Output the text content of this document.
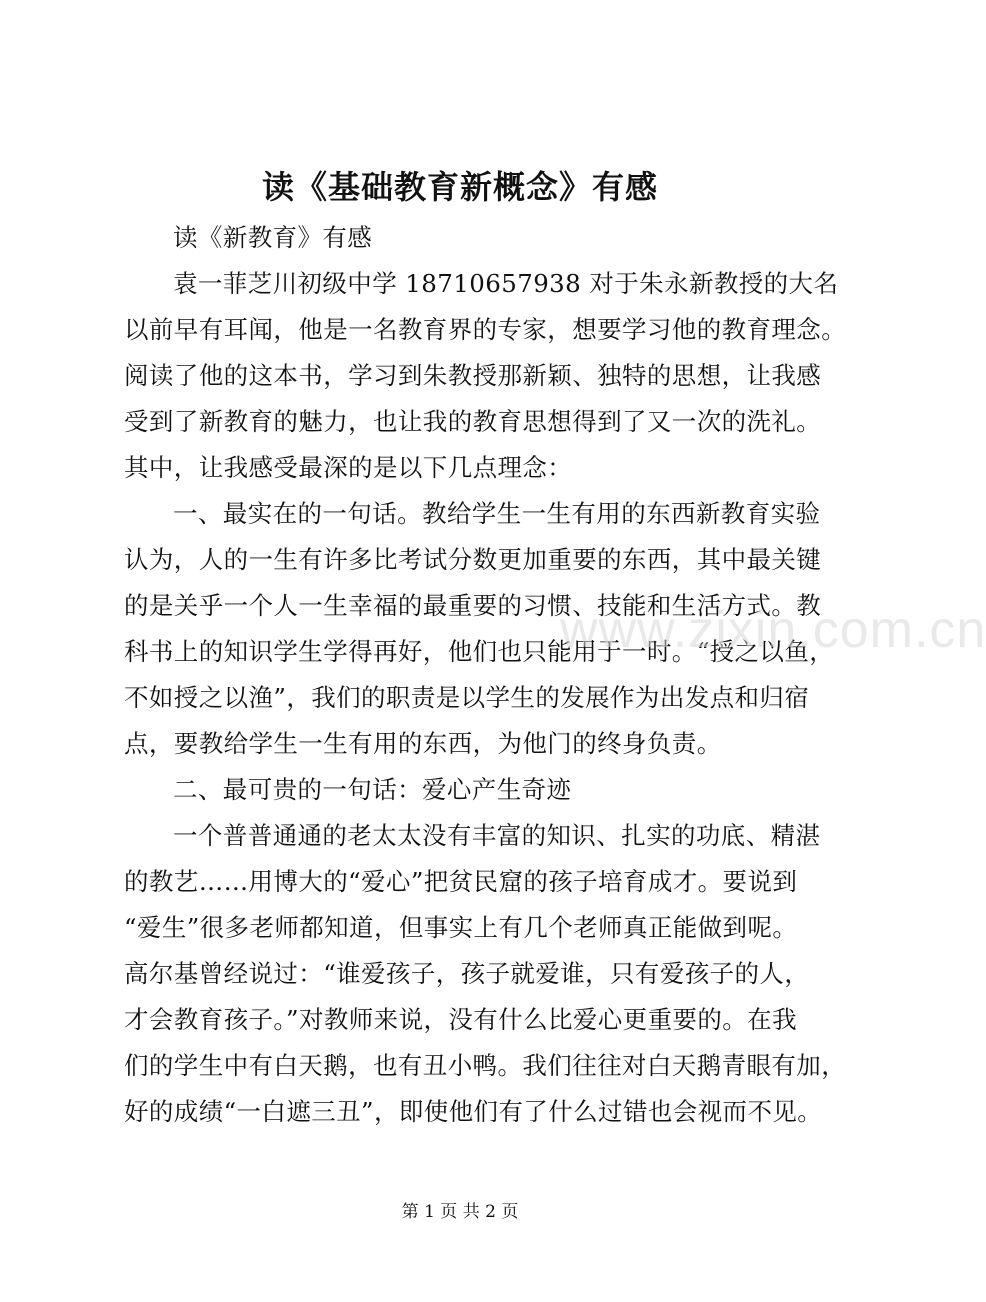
读《基础教育新概念》有感
读《新教育》有感
袁一菲芝川初级中学 18710657938 对于朱永新教授的大名
以前早有耳闻，他是一名教育界的专家，想要学习他的教育理念。
阅读了他的这本书，学习到朱教授那新颖、独特的思想，让我感
受到了新教育的魅力，也让我的教育思想得到了又一次的洗礼。
其中，让我感受最深的是以下几点理念：
一、最实在的一句话。教给学生一生有用的东西新教育实验
认为，人的一生有许多比考试分数更加重要的东西，其中最关键
的是关乎一个人一生幸福的最重要的习惯、技能和生活方式。教
科书上的知识学生学得再好，他们也只能用于一时。“授之以鱼，
不如授之以渔”，我们的职责是以学生的发展作为出发点和归宿
点，要教给学生一生有用的东西，为他门的终身负责。
二、最可贵的一句话：爱心产生奇迹
一个普普通通的老太太没有丰富的知识、扎实的功底、精湛
的教艺……用博大的“爱心”把贫民窟的孩子培育成才。要说到
“爱生”很多老师都知道，但事实上有几个老师真正能做到呢。
高尔基曾经说过：“谁爱孩子，孩子就爱谁，只有爱孩子的人，
才会教育孩子。”对教师来说，没有什么比爱心更重要的。在我
们的学生中有白天鹅，也有丑小鸭。我们往往对白天鹅青眼有加，
好的成绩“一白遮三丑”，即使他们有了什么过错也会视而不见。
www.zixin.com.cn
第 1 页 共 2 页
